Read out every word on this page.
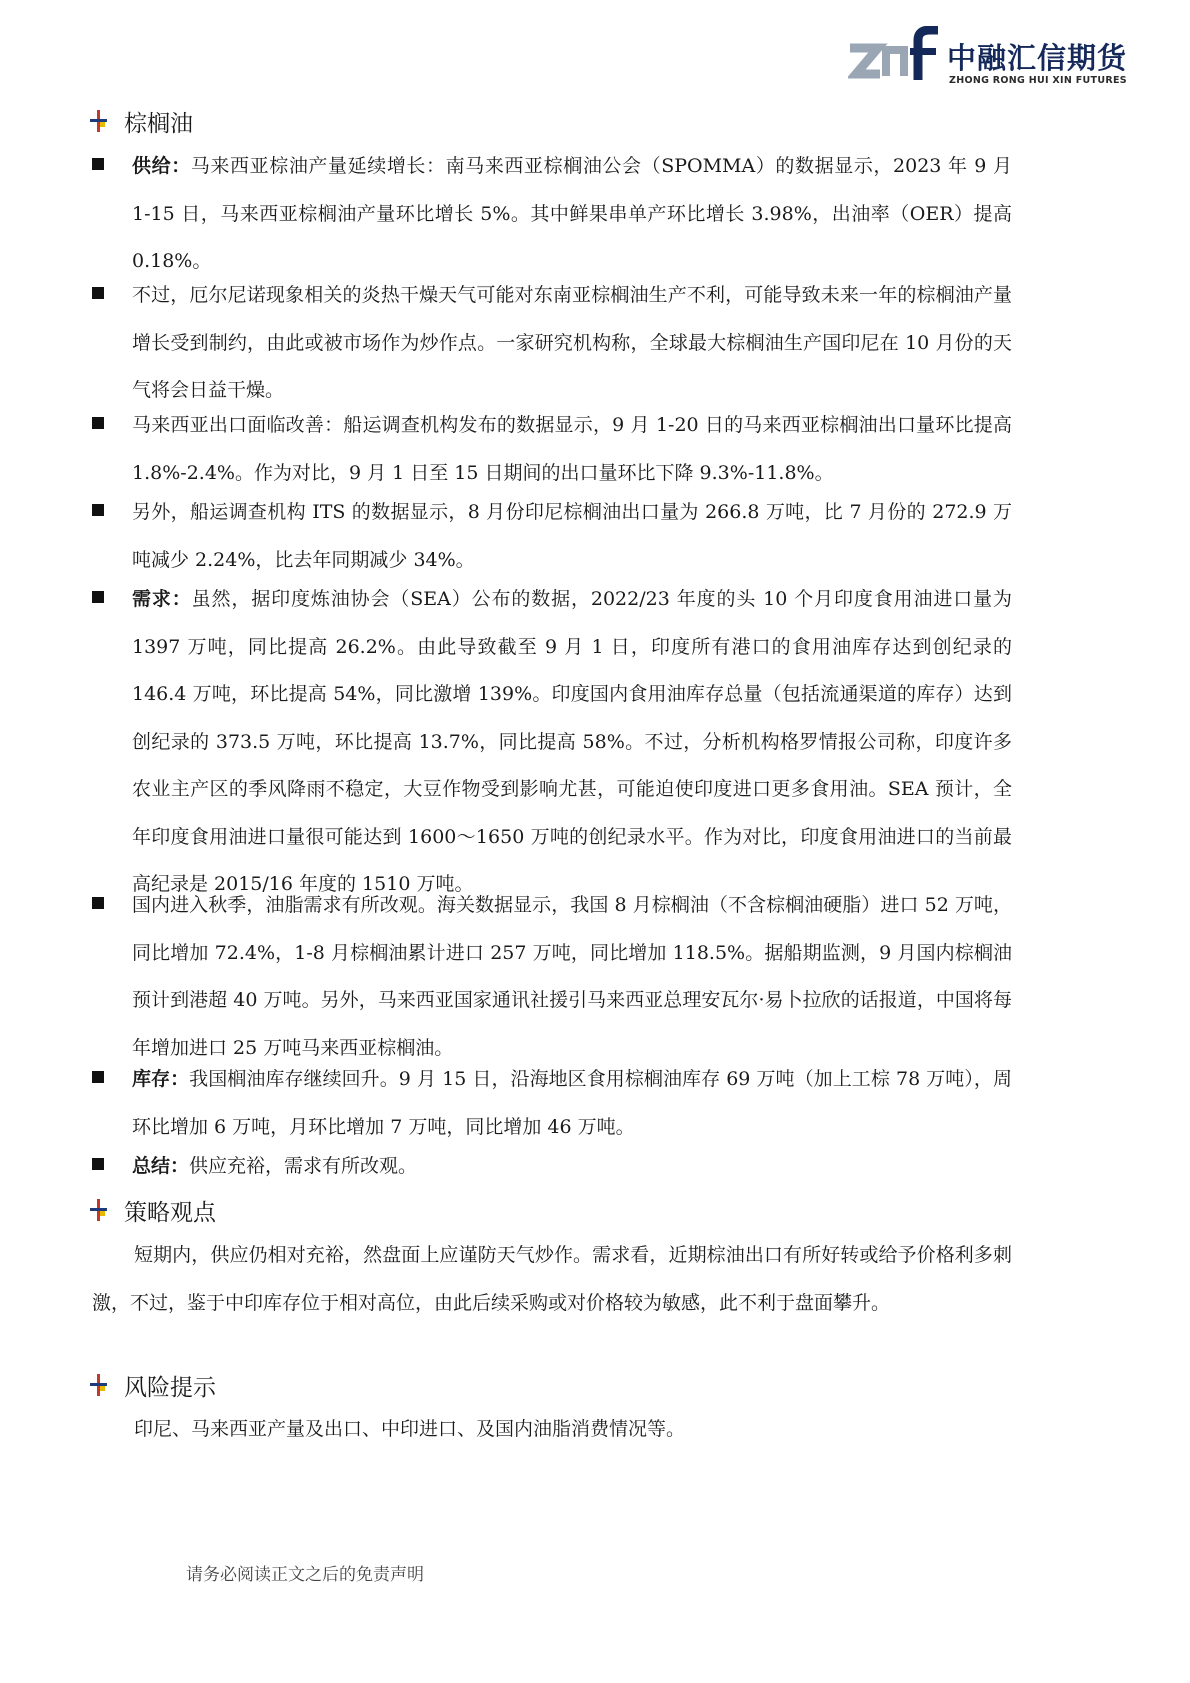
中融汇信期货
ZHONG RONG HUI XIN FUTURES
棕榈油
供给：马来西亚棕油产量延续增长：南马来西亚棕榈油公会（SPOMMA）的数据显示，2023 年 9 月 1-15 日，马来西亚棕榈油产量环比增长 5%。其中鲜果串单产环比增长 3.98%，出油率（OER）提高 0.18%。
不过，厄尔尼诺现象相关的炎热干燥天气可能对东南亚棕榈油生产不利，可能导致未来一年的棕榈油产量增长受到制约，由此或被市场作为炒作点。一家研究机构称，全球最大棕榈油生产国印尼在 10 月份的天气将会日益干燥。
马来西亚出口面临改善：船运调查机构发布的数据显示，9 月 1-20 日的马来西亚棕榈油出口量环比提高 1.8%-2.4%。作为对比，9 月 1 日至 15 日期间的出口量环比下降 9.3%-11.8%。
另外，船运调查机构 ITS 的数据显示，8 月份印尼棕榈油出口量为 266.8 万吨，比 7 月份的 272.9 万吨减少 2.24%，比去年同期减少 34%。
需求：虽然，据印度炼油协会（SEA）公布的数据，2022/23 年度的头 10 个月印度食用油进口量为 1397 万吨，同比提高 26.2%。由此导致截至 9 月 1 日，印度所有港口的食用油库存达到创纪录的 146.4 万吨，环比提高 54%，同比激增 139%。印度国内食用油库存总量（包括流通渠道的库存）达到创纪录的 373.5 万吨，环比提高 13.7%，同比提高 58%。不过，分析机构格罗情报公司称，印度许多农业主产区的季风降雨不稳定，大豆作物受到影响尤甚，可能迫使印度进口更多食用油。SEA 预计，全年印度食用油进口量很可能达到 1600～1650 万吨的创纪录水平。作为对比，印度食用油进口的当前最高纪录是 2015/16 年度的 1510 万吨。
国内进入秋季，油脂需求有所改观。海关数据显示，我国 8 月棕榈油（不含棕榈油硬脂）进口 52 万吨，同比增加 72.4%，1-8 月棕榈油累计进口 257 万吨，同比增加 118.5%。据船期监测，9 月国内棕榈油预计到港超 40 万吨。另外，马来西亚国家通讯社援引马来西亚总理安瓦尔·易卜拉欣的话报道，中国将每年增加进口 25 万吨马来西亚棕榈油。
库存：我国榈油库存继续回升。9 月 15 日，沿海地区食用棕榈油库存 69 万吨（加上工棕 78 万吨），周环比增加 6 万吨，月环比增加 7 万吨，同比增加 46 万吨。
总结：供应充裕，需求有所改观。
策略观点
短期内，供应仍相对充裕，然盘面上应谨防天气炒作。需求看，近期棕油出口有所好转或给予价格利多刺激，不过，鉴于中印库存位于相对高位，由此后续采购或对价格较为敏感，此不利于盘面攀升。
风险提示
印尼、马来西亚产量及出口、中印进口、及国内油脂消费情况等。
请务必阅读正文之后的免责声明
